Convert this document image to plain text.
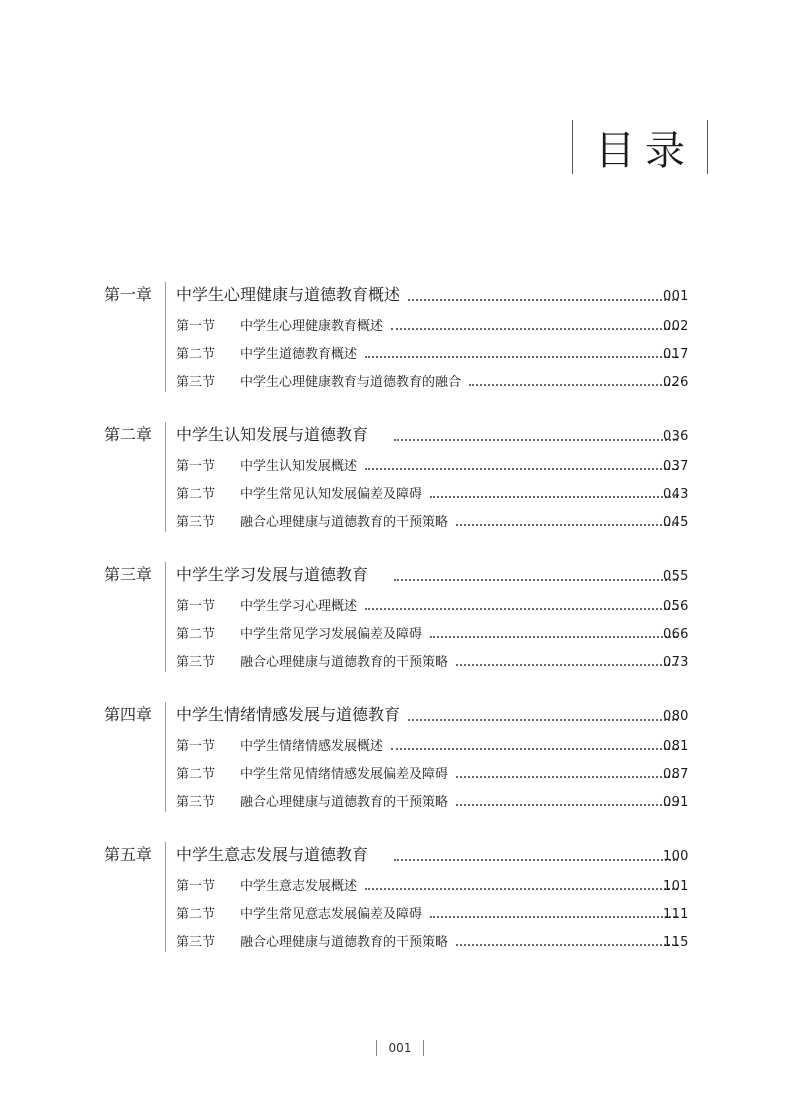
目录
第一章 中学生心理健康与道德教育概述	001
第一节 中学生心理健康教育概述	002
第二节 中学生道德教育概述	017
第三节 中学生心理健康教育与道德教育的融合	026
第二章 中学生认知发展与道德教育	036
第一节 中学生认知发展概述	037
第二节 中学生常见认知发展偏差及障碍	043
第三节 融合心理健康与道德教育的干预策略	045
第三章 中学生学习发展与道德教育	055
第一节 中学生学习心理概述	056
第二节 中学生常见学习发展偏差及障碍	066
第三节 融合心理健康与道德教育的干预策略	073
第四章 中学生情绪情感发展与道德教育	080
第一节 中学生情绪情感发展概述	081
第二节 中学生常见情绪情感发展偏差及障碍	087
第三节 融合心理健康与道德教育的干预策略	091
第五章 中学生意志发展与道德教育	100
第一节 中学生意志发展概述	101
第二节 中学生常见意志发展偏差及障碍	111
第三节 融合心理健康与道德教育的干预策略	115
001
